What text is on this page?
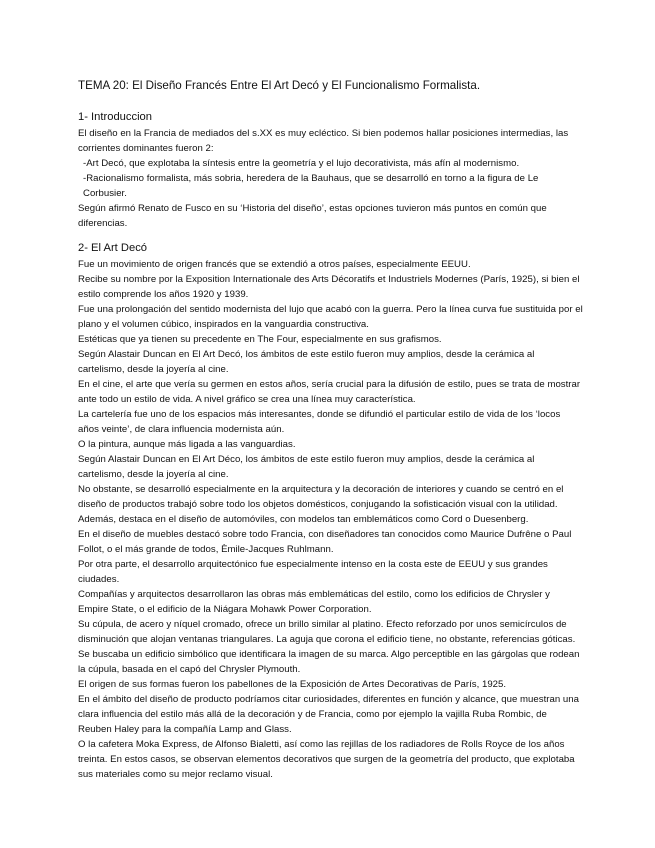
TEMA 20: El Diseño Francés Entre El Art Decó y El Funcionalismo Formalista.
1- Introduccion

El diseño en la Francia de mediados del s.XX es muy ecléctico. Si bien podemos hallar posiciones intermedias, las corrientes dominantes fueron 2:

-Art Decó, que explotaba la síntesis entre la geometría y el lujo decorativista, más afín al modernismo.

-Racionalismo formalista, más sobria, heredera de la Bauhaus, que se desarrolló en torno a la figura de Le Corbusier.

Según afirmó Renato de Fusco en su ‘Historia del diseño’, estas opciones tuvieron más puntos en común que diferencias.

2- El Art Decó

Fue un movimiento de origen francés que se extendió a otros países, especialmente EEUU.

Recibe su nombre por la Exposition Internationale des Arts Décoratifs et Industriels Modernes (París, 1925), si bien el estilo comprende los años 1920 y 1939.

Fue una prolongación del sentido modernista del lujo que acabó con la guerra. Pero la línea curva fue sustituida por el plano y el volumen cúbico, inspirados en la vanguardia constructiva.

Estéticas que ya tienen su precedente en The Four, especialmente en sus grafismos.

Según Alastair Duncan en El Art Decó, los ámbitos de este estilo fueron muy amplios, desde la cerámica al cartelismo, desde la joyería al cine.

En el cine, el arte que vería su germen en estos años, sería crucial para la difusión de estilo, pues se trata de mostrar ante todo un estilo de vida. A nivel gráfico se crea una línea muy característica.

La cartelería fue uno de los espacios más interesantes, donde se difundió el particular estilo de vida de los ‘locos años veinte’, de clara influencia modernista aún.

O la pintura, aunque más ligada a las vanguardias.

Según Alastair Duncan en El Art Déco, los ámbitos de este estilo fueron muy amplios, desde la cerámica al cartelismo, desde la joyería al cine.

No obstante, se desarrolló especialmente en la arquitectura y la decoración de interiores y cuando se centró en el diseño de productos trabajó sobre todo los objetos domésticos, conjugando la sofisticación visual con la utilidad.

Además, destaca en el diseño de automóviles, con modelos tan emblemáticos como Cord o Duesenberg.

En el diseño de muebles destacó sobre todo Francia, con diseñadores tan conocidos como Maurice Dufrêne o Paul Follot, o el más grande de todos, Èmile-Jacques Ruhlmann.

Por otra parte, el desarrollo arquitectónico fue especialmente intenso en la costa este de EEUU y sus grandes ciudades.

Compañías y arquitectos desarrollaron las obras más emblemáticas del estilo, como los edificios de Chrysler y Empire State, o el edificio de la Niágara Mohawk Power Corporation.

Su cúpula, de acero y níquel cromado, ofrece un brillo similar al platino. Efecto reforzado por unos semicírculos de disminución que alojan ventanas triangulares. La aguja que corona el edificio tiene, no obstante, referencias góticas.

Se buscaba un edificio simbólico que identificara la imagen de su marca. Algo perceptible en las gárgolas que rodean la cúpula, basada en el capó del Chrysler Plymouth.

El origen de sus formas fueron los pabellones de la Exposición de Artes Decorativas de París, 1925.

En el ámbito del diseño de producto podríamos citar curiosidades, diferentes en función y alcance, que muestran una clara influencia del estilo más allá de la decoración y de Francia, como por ejemplo la vajilla Ruba Rombic, de Reuben Haley para la compañía Lamp and Glass.

O la cafetera Moka Express, de Alfonso Bialetti, así como las rejillas de los radiadores de Rolls Royce de los años treinta. En estos casos, se observan elementos decorativos que surgen de la geometría del producto, que explotaba sus materiales como su mejor reclamo visual.
